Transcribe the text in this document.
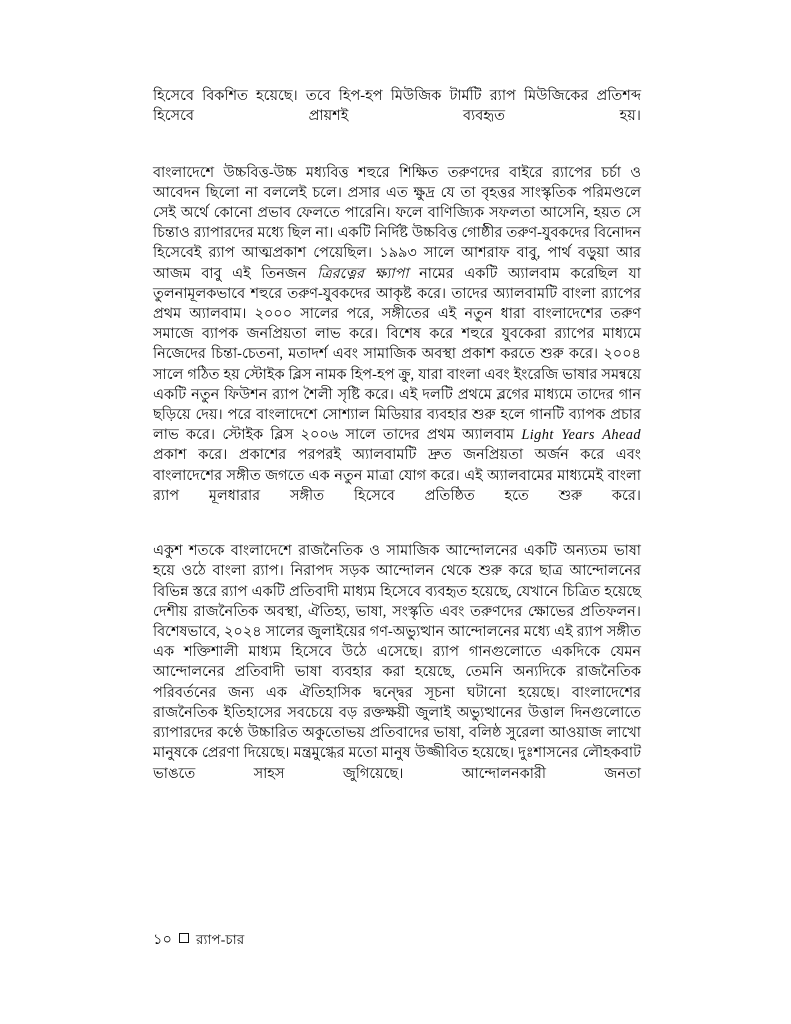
হিসেবে বিকশিত হয়েছে। তবে হিপ-হপ মিউজিক টার্মটি র‍্যাপ মিউজিকের প্রতিশব্দ হিসেবে প্রায়শই ব্যবহৃত হয়।

বাংলাদেশে উচ্চবিত্ত-উচ্চ মধ্যবিত্ত শহুরে শিক্ষিত তরুণদের বাইরে র‍্যাপের চর্চা ও আবেদন ছিলো না বললেই চলে। প্রসার এত ক্ষুদ্র যে তা বৃহত্তর সাংস্কৃতিক পরিমণ্ডলে সেই অর্থে কোনো প্রভাব ফেলতে পারেনি। ফলে বাণিজ্যিক সফলতা আসেনি, হয়ত সে চিন্তাও র‍্যাপারদের মধ্যে ছিল না। একটি নির্দিষ্ট উচ্চবিত্ত গোষ্ঠীর তরুণ-যুবকদের বিনোদন হিসেবেই র‍্যাপ আত্মপ্রকাশ পেয়েছিল। ১৯৯৩ সালে আশরাফ বাবু, পার্থ বড়ুয়া আর আজম বাবু এই তিনজন ত্রিরত্নের ক্ষ্যাপা নামের একটি অ্যালবাম করেছিল যা তুলনামূলকভাবে শহুরে তরুণ-যুবকদের আকৃষ্ট করে। তাদের অ্যালবামটি বাংলা র‍্যাপের প্রথম অ্যালবাম। ২০০০ সালের পরে, সঙ্গীতের এই নতুন ধারা বাংলাদেশের তরুণ সমাজে ব্যাপক জনপ্রিয়তা লাভ করে। বিশেষ করে শহুরে যুবকেরা র‍্যাপের মাধ্যমে নিজেদের চিন্তা-চেতনা, মতাদর্শ এবং সামাজিক অবস্থা প্রকাশ করতে শুরু করে। ২০০৪ সালে গঠিত হয় স্টোইক ব্লিস নামক হিপ-হপ ক্রু, যারা বাংলা এবং ইংরেজি ভাষার সমন্বয়ে একটি নতুন ফিউশন র‍্যাপ শৈলী সৃষ্টি করে। এই দলটি প্রথমে ব্লগের মাধ্যমে তাদের গান ছড়িয়ে দেয়। পরে বাংলাদেশে সোশ্যাল মিডিয়ার ব্যবহার শুরু হলে গানটি ব্যাপক প্রচার লাভ করে। স্টোইক ব্লিস ২০০৬ সালে তাদের প্রথম অ্যালবাম Light Years Ahead প্রকাশ করে। প্রকাশের পরপরই অ্যালবামটি দ্রুত জনপ্রিয়তা অর্জন করে এবং বাংলাদেশের সঙ্গীত জগতে এক নতুন মাত্রা যোগ করে। এই অ্যালবামের মাধ্যমেই বাংলা র‍্যাপ মূলধারার সঙ্গীত হিসেবে প্রতিষ্ঠিত হতে শুরু করে।

একুশ শতকে বাংলাদেশে রাজনৈতিক ও সামাজিক আন্দোলনের একটি অন্যতম ভাষা হয়ে ওঠে বাংলা র‍্যাপ। নিরাপদ সড়ক আন্দোলন থেকে শুরু করে ছাত্র আন্দোলনের বিভিন্ন স্তরে র‍্যাপ একটি প্রতিবাদী মাধ্যম হিসেবে ব্যবহৃত হয়েছে, যেখানে চিত্রিত হয়েছে দেশীয় রাজনৈতিক অবস্থা, ঐতিহ্য, ভাষা, সংস্কৃতি এবং তরুণদের ক্ষোভের প্রতিফলন। বিশেষভাবে, ২০২৪ সালের জুলাইয়ের গণ-অভ্যুত্থান আন্দোলনের মধ্যে এই র‍্যাপ সঙ্গীত এক শক্তিশালী মাধ্যম হিসেবে উঠে এসেছে। র‍্যাপ গানগুলোতে একদিকে যেমন আন্দোলনের প্রতিবাদী ভাষা ব্যবহার করা হয়েছে, তেমনি অন্যদিকে রাজনৈতিক পরিবর্তনের জন্য এক ঐতিহাসিক দ্বন্দ্বের সূচনা ঘটানো হয়েছে। বাংলাদেশের রাজনৈতিক ইতিহাসের সবচেয়ে বড় রক্তক্ষয়ী জুলাই অভ্যুত্থানের উত্তাল দিনগুলোতে র‍্যাপারদের কণ্ঠে উচ্চারিত অকুতোভয় প্রতিবাদের ভাষা, বলিষ্ঠ সুরেলা আওয়াজ লাখো মানুষকে প্রেরণা দিয়েছে। মন্ত্রমুগ্ধের মতো মানুষ উজ্জীবিত হয়েছে। দুঃশাসনের লৌহকবাট ভাঙতে সাহস জুগিয়েছে। আন্দোলনকারী জনতা

১০ র‍্যাপ-চার
